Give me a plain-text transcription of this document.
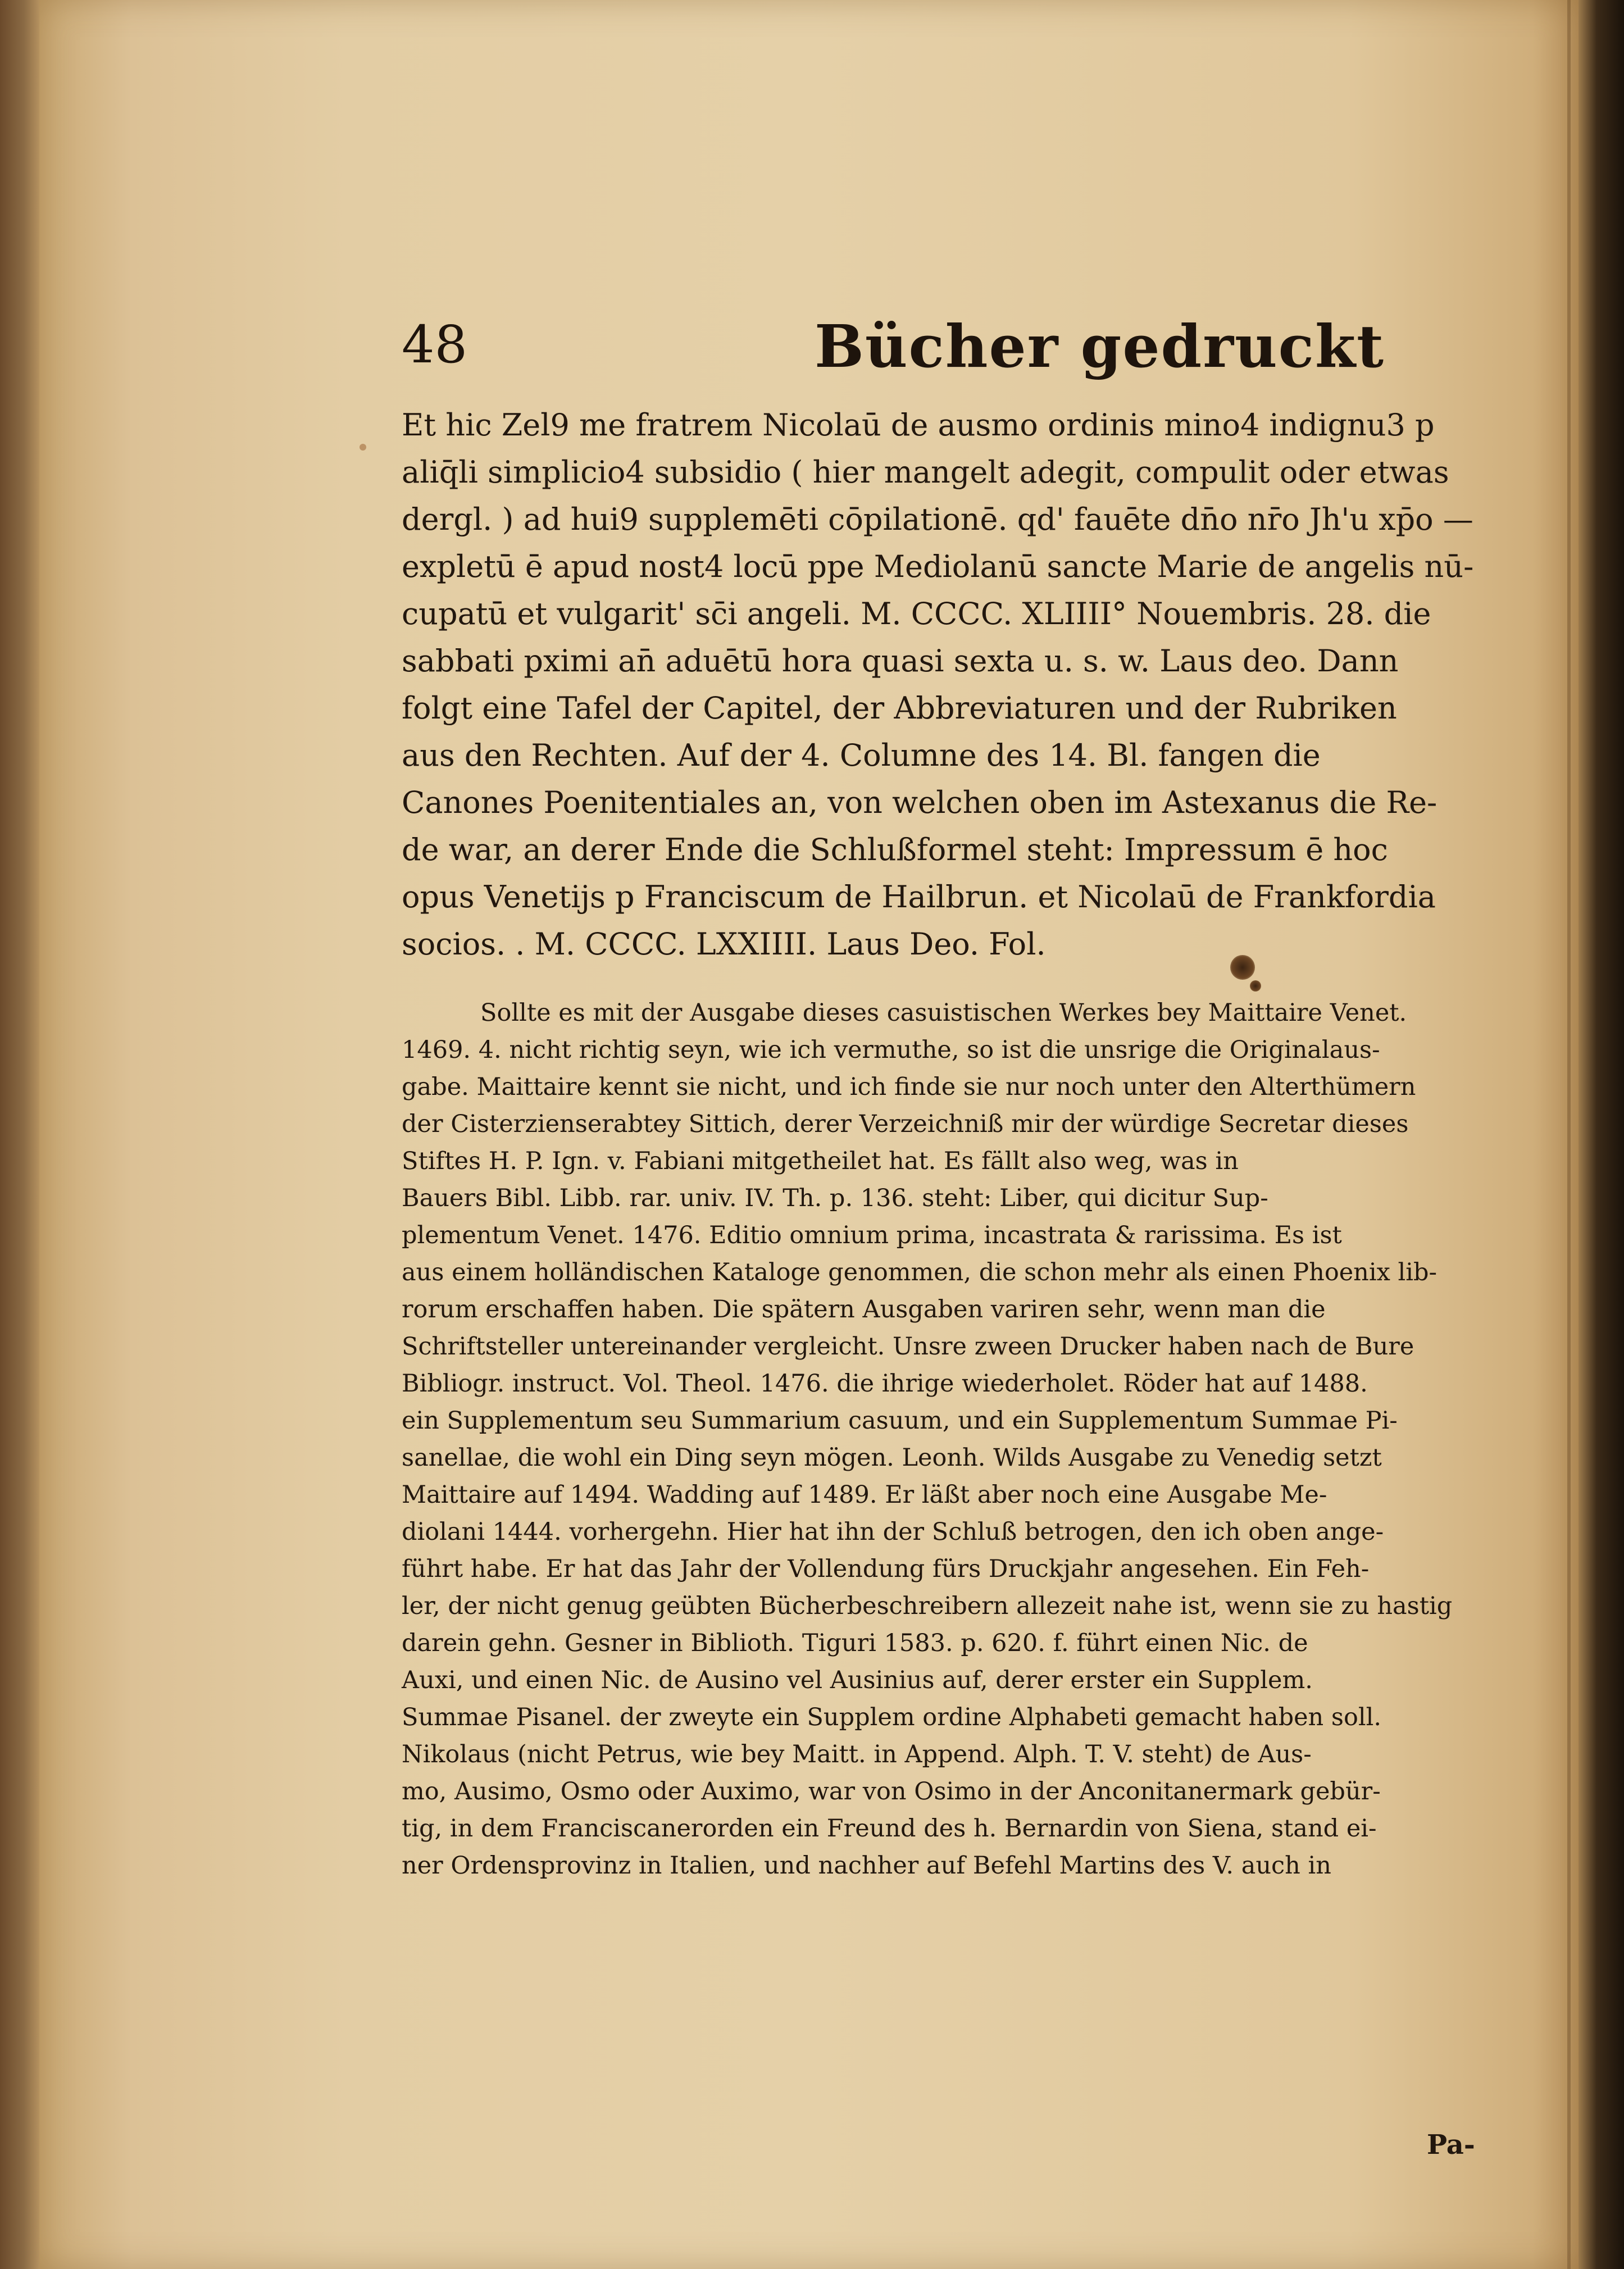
48	Bücher gedruckt
Et hic Zel9 me fratrem Nicolaū de ausmo ordinis mino4 indignu3 p
aliq̄li simplicio4 subsidio ( hier mangelt adegit, compulit oder etwas
dergl. ) ad hui9 supplemēti cōpilationē. qd' fauēte dn̄o nr̄o Jh'u xp̄o —
expletū ē apud nost4 locū ppe Mediolanū sancte Marie de angelis nū-
cupatū et vulgarit' sc̄i angeli. M. CCCC. XLIIII° Nouembris. 28. die
sabbati pximi an̄ aduētū hora quasi sexta u. s. w. Laus deo. Dann
folgt eine Tafel der Capitel, der Abbreviaturen und der Rubriken
aus den Rechten. Auf der 4. Columne des 14. Bl. fangen die
Canones Poenitentiales an, von welchen oben im Astexanus die Re-
de war, an derer Ende die Schlußformel steht: Impressum ē hoc
opus Venetijs p Franciscum de Hailbrun. et Nicolaū de Frankfordia
socios. . M. CCCC. LXXIIII. Laus Deo. Fol.
Sollte es mit der Ausgabe dieses casuistischen Werkes bey Maittaire Venet.
1469. 4. nicht richtig seyn, wie ich vermuthe, so ist die unsrige die Originalaus-
gabe. Maittaire kennt sie nicht, und ich finde sie nur noch unter den Alterthümern
der Cisterzienserabtey Sittich, derer Verzeichniß mir der würdige Secretar dieses
Stiftes H. P. Ign. v. Fabiani mitgetheilet hat. Es fällt also weg, was in
Bauers Bibl. Libb. rar. univ. IV. Th. p. 136. steht: Liber, qui dicitur Sup-
plementum Venet. 1476. Editio omnium prima, incastrata & rarissima. Es ist
aus einem holländischen Kataloge genommen, die schon mehr als einen Phoenix lib-
rorum erschaffen haben. Die spätern Ausgaben variren sehr, wenn man die
Schriftsteller untereinander vergleicht. Unsre zween Drucker haben nach de Bure
Bibliogr. instruct. Vol. Theol. 1476. die ihrige wiederholet. Röder hat auf 1488.
ein Supplementum seu Summarium casuum, und ein Supplementum Summae Pi-
sanellae, die wohl ein Ding seyn mögen. Leonh. Wilds Ausgabe zu Venedig setzt
Maittaire auf 1494. Wadding auf 1489. Er läßt aber noch eine Ausgabe Me-
diolani 1444. vorhergehn. Hier hat ihn der Schluß betrogen, den ich oben ange-
führt habe. Er hat das Jahr der Vollendung fürs Druckjahr angesehen. Ein Feh-
ler, der nicht genug geübten Bücherbeschreibern allezeit nahe ist, wenn sie zu hastig
darein gehn. Gesner in Biblioth. Tiguri 1583. p. 620. f. führt einen Nic. de
Auxi, und einen Nic. de Ausino vel Ausinius auf, derer erster ein Supplem.
Summae Pisanel. der zweyte ein Supplem ordine Alphabeti gemacht haben soll.
Nikolaus (nicht Petrus, wie bey Maitt. in Append. Alph. T. V. steht) de Aus-
mo, Ausimo, Osmo oder Auximo, war von Osimo in der Anconitanermark gebür-
tig, in dem Franciscanerorden ein Freund des h. Bernardin von Siena, stand ei-
ner Ordensprovinz in Italien, und nachher auf Befehl Martins des V. auch in
Pa-
